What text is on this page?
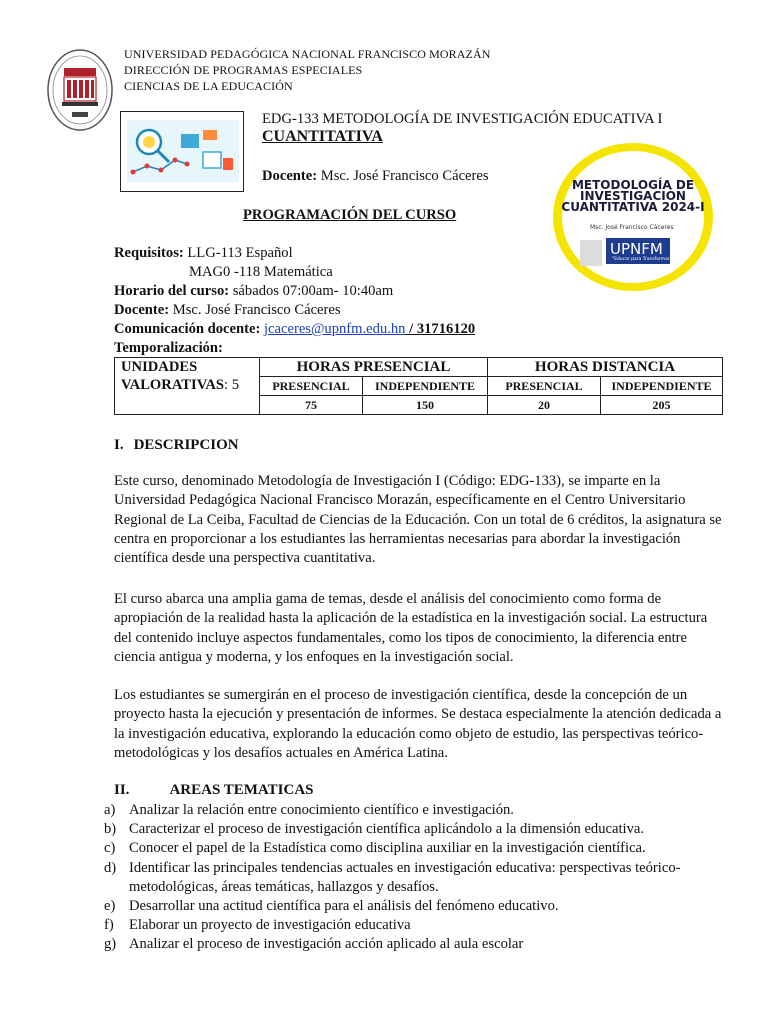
UNIVERSIDAD PEDAGÓGICA NACIONAL FRANCISCO MORAZÁN
DIRECCIÓN DE PROGRAMAS ESPECIALES
CIENCIAS DE LA EDUCACIÓN
EDG-133 METODOLOGÍA DE INVESTIGACIÓN EDUCATIVA I
CUANTITATIVA
Docente: Msc. José Francisco Cáceres
METODOLOGÍA DE
INVESTIGACIÓN
CUANTITATIVA 2024-I
Msc. José Francisco Cáceres
UPNFM
"Educar para Transformar"
PROGRAMACIÓN DEL CURSO
Requisitos: LLG-113 Español
MAG0 -118 Matemática
Horario del curso: sábados 07:00am- 10:40am
Docente: Msc. José Francisco Cáceres
Comunicación docente: jcaceres@upnfm.edu.hn / 31716120
Temporalización:
UNIDADES
VALORATIVAS: 5	HORAS PRESENCIAL		HORAS DISTANCIA	
	PRESENCIAL	INDEPENDIENTE	PRESENCIAL	INDEPENDIENTE
	75	150	20	205
I. DESCRIPCION
Este curso, denominado Metodología de Investigación I (Código: EDG-133), se imparte en la Universidad Pedagógica Nacional Francisco Morazán, específicamente en el Centro Universitario Regional de La Ceiba, Facultad de Ciencias de la Educación. Con un total de 6 créditos, la asignatura se centra en proporcionar a los estudiantes las herramientas necesarias para abordar la investigación científica desde una perspectiva cuantitativa.
El curso abarca una amplia gama de temas, desde el análisis del conocimiento como forma de apropiación de la realidad hasta la aplicación de la estadística en la investigación social. La estructura del contenido incluye aspectos fundamentales, como los tipos de conocimiento, la diferencia entre ciencia antigua y moderna, y los enfoques en la investigación social.
Los estudiantes se sumergirán en el proceso de investigación científica, desde la concepción de un proyecto hasta la ejecución y presentación de informes. Se destaca especialmente la atención dedicada a la investigación educativa, explorando la educación como objeto de estudio, las perspectivas teórico-metodológicas y los desafíos actuales en América Latina.
II.	AREAS TEMATICAS
a) Analizar la relación entre conocimiento científico e investigación.
b) Caracterizar el proceso de investigación científica aplicándolo a la dimensión educativa.
c) Conocer el papel de la Estadística como disciplina auxiliar en la investigación científica.
d) Identificar las principales tendencias actuales en investigación educativa: perspectivas teórico-metodológicas, áreas temáticas, hallazgos y desafíos.
e) Desarrollar una actitud científica para el análisis del fenómeno educativo.
f) Elaborar un proyecto de investigación educativa
g) Analizar el proceso de investigación acción aplicado al aula escolar
